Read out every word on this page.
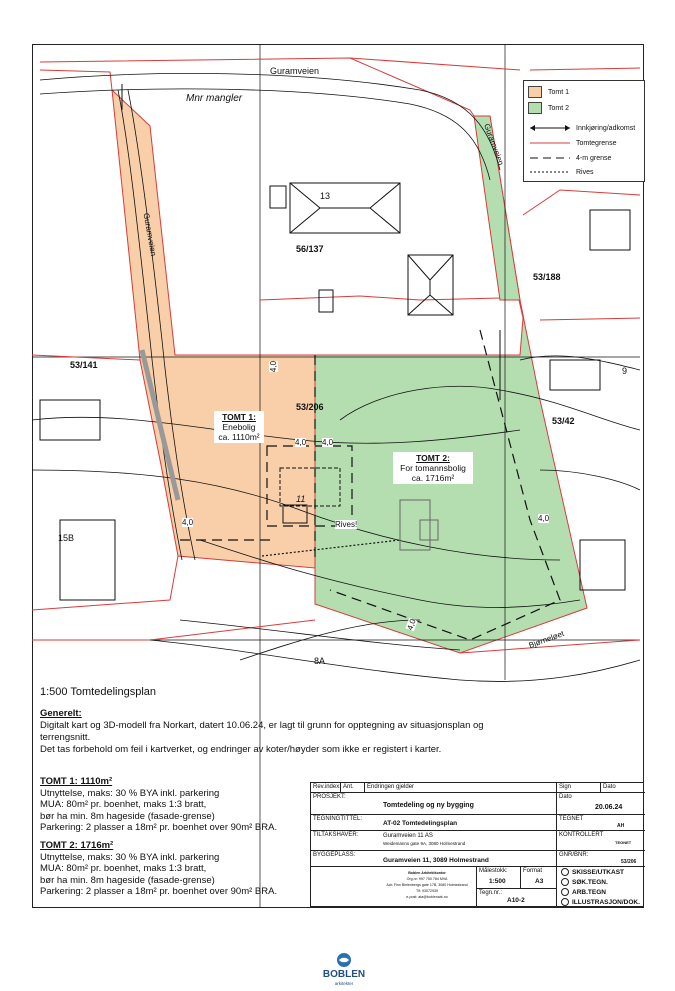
Guramveien
Mnr mangler
Guramveien
Guramveien
Bjørneløet
13
56/137
53/188
53/141
53/206
53/42
15B
8A
11
9
TOMT 1:
Enebolig
ca. 1110m²
TOMT 2:
For tomannsbolig
ca. 1716m²
Rives!
4,0
4,0 4,0
4,0	4,0
4,0
Tomt 1
Tomt 2
Innkjøring/adkomst
Tomtegrense
4-m grense
Rives
1:500 Tomtedelingsplan
Generelt:
Digitalt kart og 3D-modell fra Norkart, datert 10.06.24, er lagt til grunn for opptegning av situasjonsplan og terrengsnitt.
Det tas forbehold om feil i kartverket, og endringer av koter/høyder som ikke er registert i karter.
TOMT 1: 1110m²
Utnyttelse, maks: 30 % BYA inkl. parkering
MUA: 80m² pr. boenhet, maks 1:3 bratt,
bør ha min. 8m hageside (fasade-grense)
Parkering: 2 plasser a 18m² pr. boenhet over 90m² BRA.
TOMT 2: 1716m²
Utnyttelse, maks: 30 % BYA inkl. parkering
MUA: 80m² pr. boenhet, maks 1:3 bratt,
bør ha min. 8m hageside (fasade-grense)
Parkering: 2 plasser a 18m² pr. boenhet over 90m² BRA.
Rev.index: Ant. Endringen gjelder	Sign	Dato
PROSJEKT:
Tomtedeling og ny bygging
Dato
20.06.24
TEGNINGTITTEL:
AT-02 Tomtedelingsplan
TEGNET
AH
TILTAKSHAVER:	Guramveien 11 AS
Weidemanns gate 9A, 3080 Holmestrand
KONTROLLERT
TEGNET
BYGGEPLASS:
Guramveien 11, 3089 Holmestrand
GNR/BNR:
53/206
BOBLEN
arkitekter
Boblen Arkitektkontor
Org.nr: 997 750 784 MVA
Adr: Finn Bielenbergs gate 17B, 3080 Holmestrand
Tlf: 93072939
e-post: ata@boblenark.no
Målestokk:
1:500
Format
A3
Tegn.nr.:
A10-2
SKISSE/UTKAST
SØK.TEGN.
ARB.TEGN
ILLUSTRASJON/DOK.
